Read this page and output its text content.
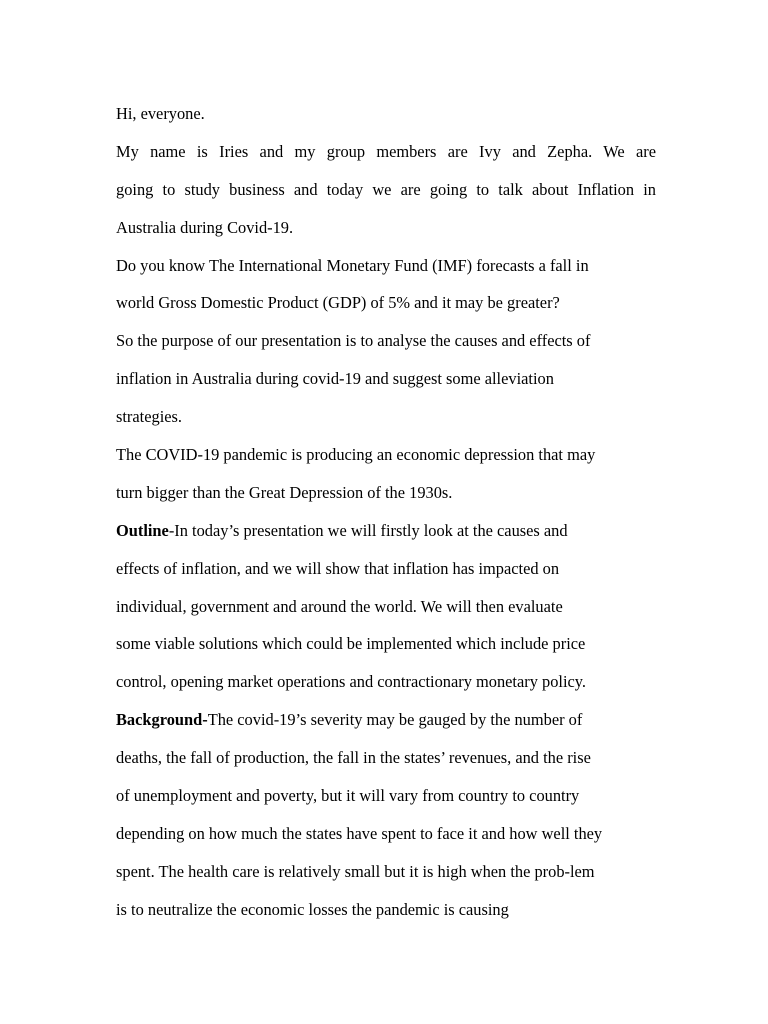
Hi, everyone.
My name is Iries and my group members are Ivy and Zepha. We are
going to study business and today we are going to talk about Inflation in
Australia during Covid-19.
Do you know The International Monetary Fund (IMF) forecasts a fall in
world Gross Domestic Product (GDP) of 5% and it may be greater?
So the purpose of our presentation is to analyse the causes and effects of
inflation in Australia during covid-19 and suggest some alleviation
strategies.
The COVID-19 pandemic is producing an economic depression that may
turn bigger than the Great Depression of the 1930s.
Outline-In today’s presentation we will firstly look at the causes and
effects of inflation, and we will show that inflation has impacted on
individual, government and around the world. We will then evaluate
some viable solutions which could be implemented which include price
control, opening market operations and contractionary monetary policy.
Background-The covid-19’s severity may be gauged by the number of
deaths, the fall of production, the fall in the states’ revenues, and the rise
of unemployment and poverty, but it will vary from country to country
depending on how much the states have spent to face it and how well they
spent. The health care is relatively small but it is high when the prob-lem
is to neutralize the economic losses the pandemic is causing
